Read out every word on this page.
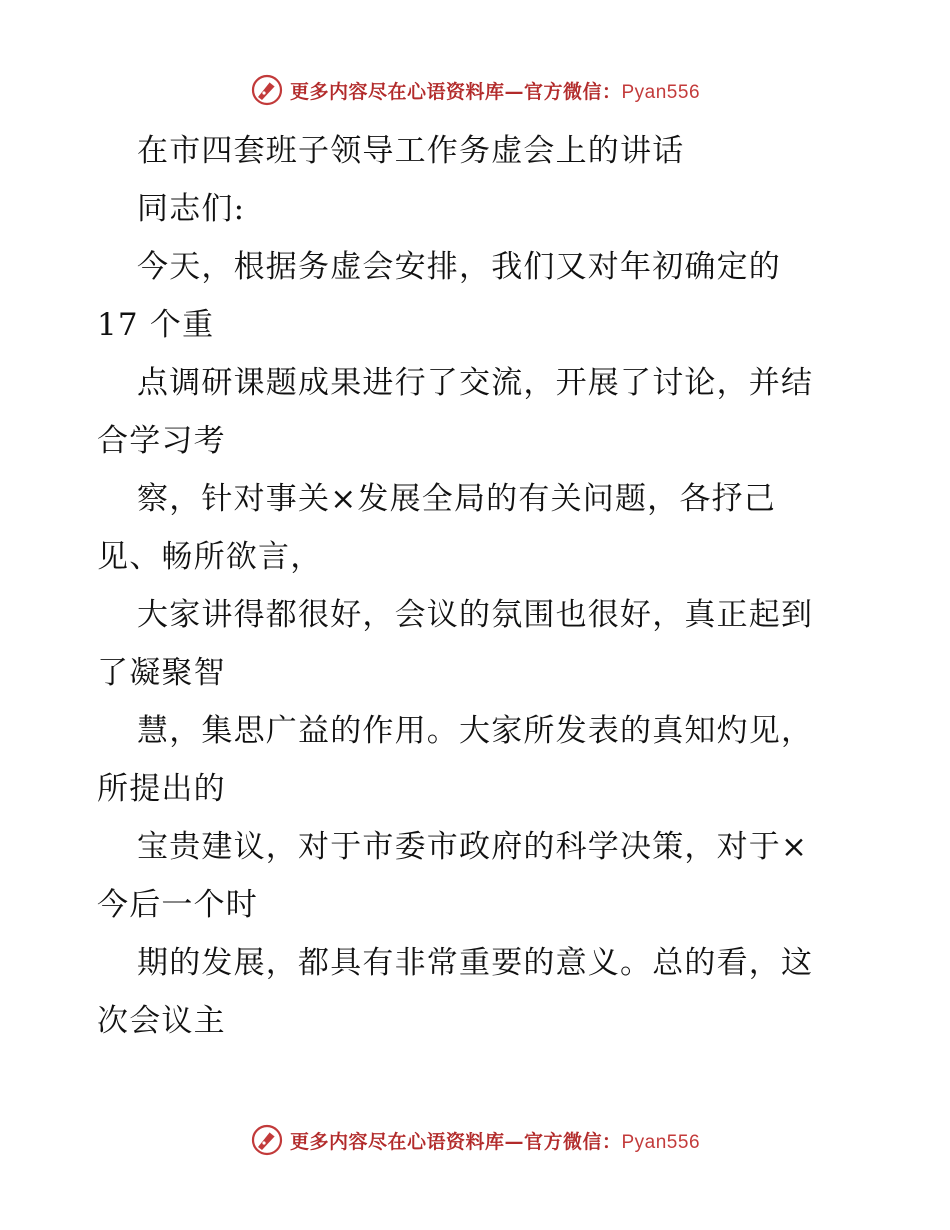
更多内容尽在心语资料库—官方微信：Pyan556
在市四套班子领导工作务虚会上的讲话
同志们:
今天，根据务虚会安排，我们又对年初确定的
17 个重
点调研课题成果进行了交流，开展了讨论，并结
合学习考
察，针对事关×发展全局的有关问题，各抒己
见、畅所欲言，
大家讲得都很好，会议的氛围也很好，真正起到
了凝聚智
慧，集思广益的作用。大家所发表的真知灼见，
所提出的
宝贵建议，对于市委市政府的科学决策，对于×
今后一个时
期的发展，都具有非常重要的意义。总的看，这
次会议主
更多内容尽在心语资料库—官方微信：Pyan556
